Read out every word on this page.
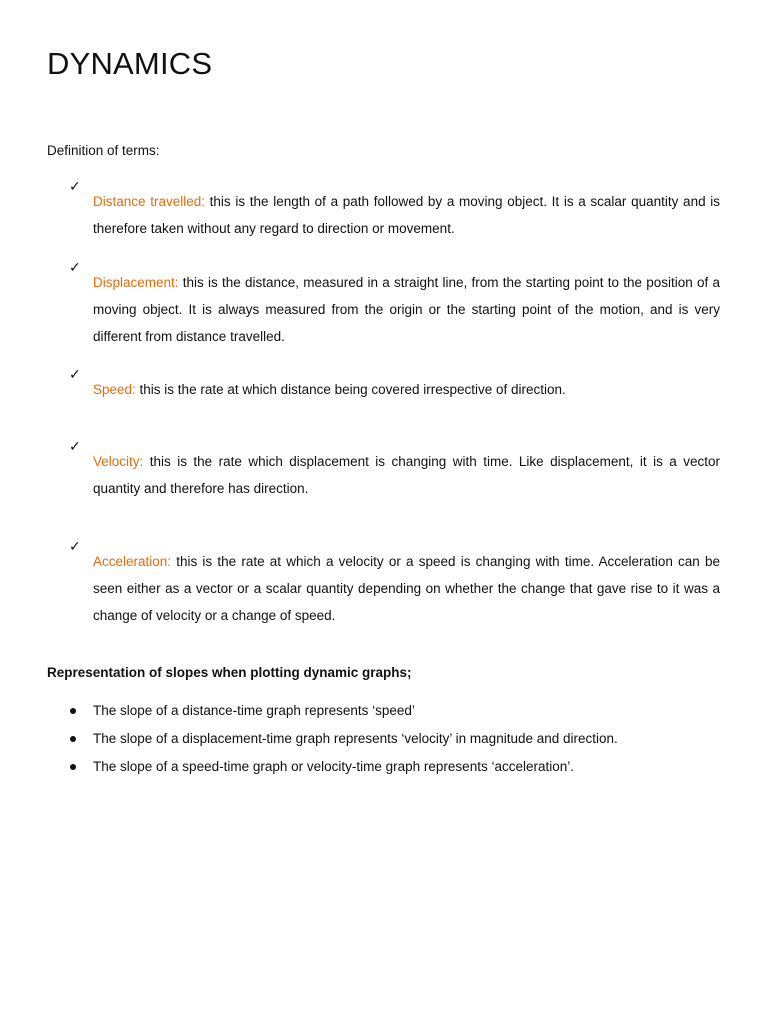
DYNAMICS

Definition of terms:

✓

Distance travelled: this is the length of a path followed by a moving object. It is a scalar quantity and is therefore taken without any regard to direction or movement.

✓

Displacement: this is the distance, measured in a straight line, from the starting point to the position of a moving object. It is always measured from the origin or the starting point of the motion, and is very different from distance travelled.

✓

Speed: this is the rate at which distance being covered irrespective of direction.

✓

Velocity: this is the rate which displacement is changing with time. Like displacement, it is a vector quantity and therefore has direction.

✓

Acceleration: this is the rate at which a velocity or a speed is changing with time. Acceleration can be seen either as a vector or a scalar quantity depending on whether the change that gave rise to it was a change of velocity or a change of speed.

Representation of slopes when plotting dynamic graphs;

The slope of a distance-time graph represents ‘speed’
The slope of a displacement-time graph represents ‘velocity’ in magnitude and direction.
The slope of a speed-time graph or velocity-time graph represents ‘acceleration’.
